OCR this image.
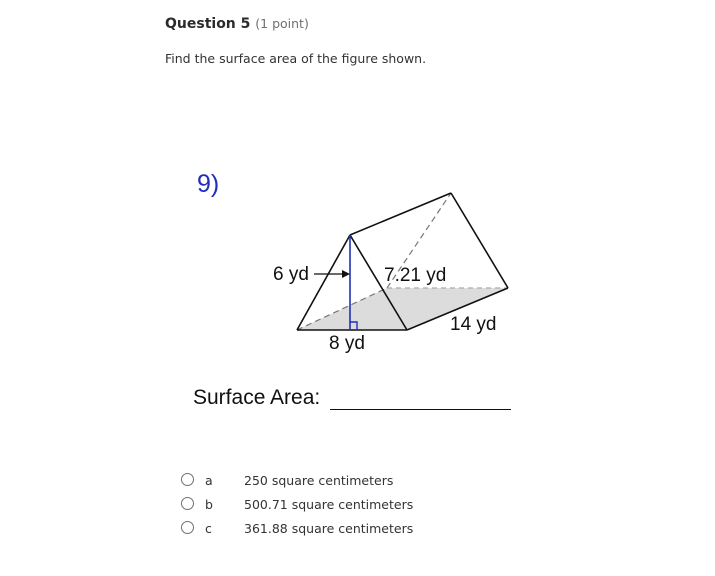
Question 5 (1 point)
Find the surface area of the figure shown.
9)
6 yd	7.21 yd
14 yd
8 yd
Surface Area:
a	250 square centimeters
b	500.71 square centimeters
c	361.88 square centimeters
